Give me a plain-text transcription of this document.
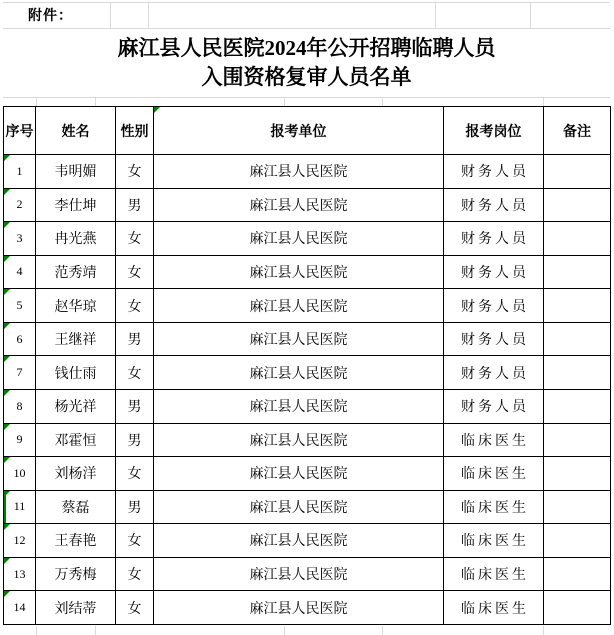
附件：
麻江县人民医院2024年公开招聘临聘人员
入围资格复审人员名单
序号	姓名	性别	报考单位	报考岗位	备注
1	韦明媚	女	麻江县人民医院	财务人员	
2	李仕坤	男	麻江县人民医院	财务人员	
3	冉光燕	女	麻江县人民医院	财务人员	
4	范秀靖	女	麻江县人民医院	财务人员	
5	赵华琼	女	麻江县人民医院	财务人员	
6	王继祥	男	麻江县人民医院	财务人员	
7	钱仕雨	女	麻江县人民医院	财务人员	
8	杨光祥	男	麻江县人民医院	财务人员	
9	邓霍恒	男	麻江县人民医院	临床医生	
10	刘杨洋	女	麻江县人民医院	临床医生	
11	蔡磊	男	麻江县人民医院	临床医生	
12	王春艳	女	麻江县人民医院	临床医生	
13	万秀梅	女	麻江县人民医院	临床医生	
14	刘结蒂	女	麻江县人民医院	临床医生	
